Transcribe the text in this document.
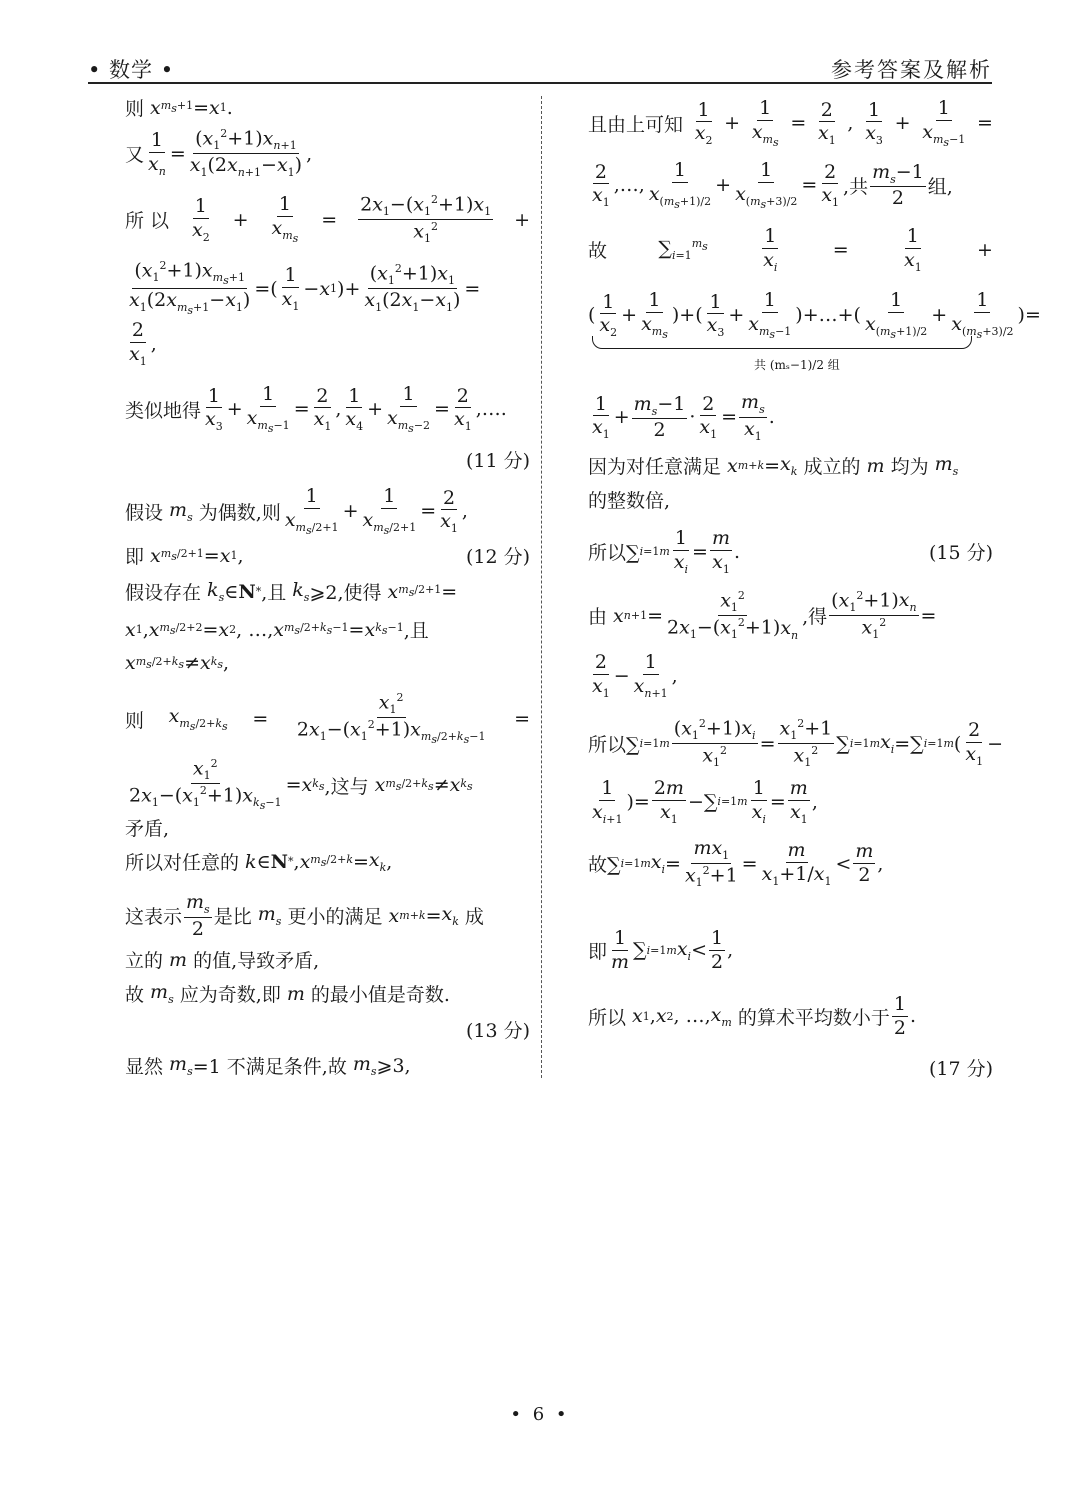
• 数学 •	参考答案及解析
则 x $m_s+1 = x$ 1 .
又
1
$x_n$
=
$(x_1^2+1)x_{n+1}$
$x_1(2x_{n+1}-x_1)$
,
所 以
1
$x_2$
+
1
$x_{m_s}$
= $\frac{2x_1-(x_1^2+1)x_1}{x_1^2}$ +
$(x_1^2+1)x_{m_s+1}$
$x_1(2x_{m_s+1}-x_1)$
=(
1
$x_1$
− x 1 )+
$(x_1^2+1)x_1$
$x_1(2x_1-x_1)$
=
2
$x_1$
,
类似地得
1
$x_3$
+
1
$x_{m_s-1}$
=
2
$x_1$
,
1
$x_4$
+
1
$x_{m_s-2}$
=
2
$x_1$
,….
(11 分)
假设 $m_s$ 为偶数,则
1
$x_{m_s/2+1}$
+
1
$x_{m_s/2+1}$
=
2
$x_1$
,
即 x $m_s/2+1 = x$ 1 ,	(12 分)
假设存在 $k_s$ ∈ N * ,且 $k_s$ ⩾2,使得 x $m_s/2+1$ =
x 1 , x $m_s/2+2 = x$ 2 , …, x $m_s/2+k_s-1 = x$ $k_s-1$ ,且
x $m_s/2+k_s \ne x$ $k_s$ ,
则 $x_{m_s/2+k_s}$ =
$x_1^2$
$2x_1-(x_1^2+1)x_{m_s/2+k_s-1}$
=
$x_1^2$
$2x_1-(x_1^2+1)x_{k_s-1}$
= x $k_s$ ,这与 x $m_s/2+k_s \ne x$ $k_s$
矛盾,
所以对任意的 k ∈ N * , x $m_s/2+k = x_k$ ,
这表示
$m_s$
2
是比 $m_s$ 更小的满足 x $m+k = x_k$ 成
立的 m 的值,导致矛盾,
故 $m_s$ 应为奇数,即 m 的最小值是奇数.
(13 分)
显然 $m_s =1$ 不满足条件,故 $m_s$ ⩾3,
且由上可知
1
$x_2$
+
1
$x_{m_s}$
= $\frac{2}{x_1}$ ,
1
$x_3$
+
1
$x_{m_s-1}$
=
2
$x_1$
,…,
1
$x_{(m_s+1)/2}$
+
1
$x_{(m_s+3)/2}$
=
2
$x_1$
,共
$m_s-1$
2
组,
故	$\sum_{i=1}^{m_s}$	$\frac{1}{x_i}$	=	$\frac{1}{x_1}$	+
(
1
$x_2$
+
1
$x_{m_s}$
)+(
1
$x_3$
+
1
$x_{m_s-1}$
)+…+(
1
$x_{(m_s+1)/2}$
+
1
$x_{(m_s+3)/2}$
)=
共 (mₛ−1)/2 组
1
$x_1$
+
$m_s-1$
2
·
2
$x_1$
=
$m_s$
$x_1$
.
因为对任意满足 x $m+k = x_k$ 成立的 m 均为 $m_s$
的整数倍,
所以∑ i=1 m
1
$x_i$
=
m
$x_1$
.	(15 分)
由 x n+1 =
$x_1^2$
$2x_1-(x_1^2+1)x_n$
,得
$(x_1^2+1)x_n$
$x_1^2$ =
2
$x_1$
−
1
$x_{n+1}$
,
所以∑ i=1 m
$(x_1^2+1)x_i$
$x_1^2$ =
$x_1^2+1$
$x_1^2$ ∑ i=1 m $x_i$ =∑ i=1 m (
2
$x_1$
−
1
$x_{i+1}$
)=
2m
$x_1$
−∑ i=1 m
1
$x_i$
=
m
$x_1$
,
故∑ i=1 m $x_i$ =
$mx_1$
$x_1^2+1$
=
m
$x_1+1/x_1$
<
m
2
,
即
1
m
∑ i=1 m $x_i$ <
1
2
,
所以 x 1 , x 2 , …, $x_m$ 的算术平均数小于
1
2
.
(17 分)
• 6 •
